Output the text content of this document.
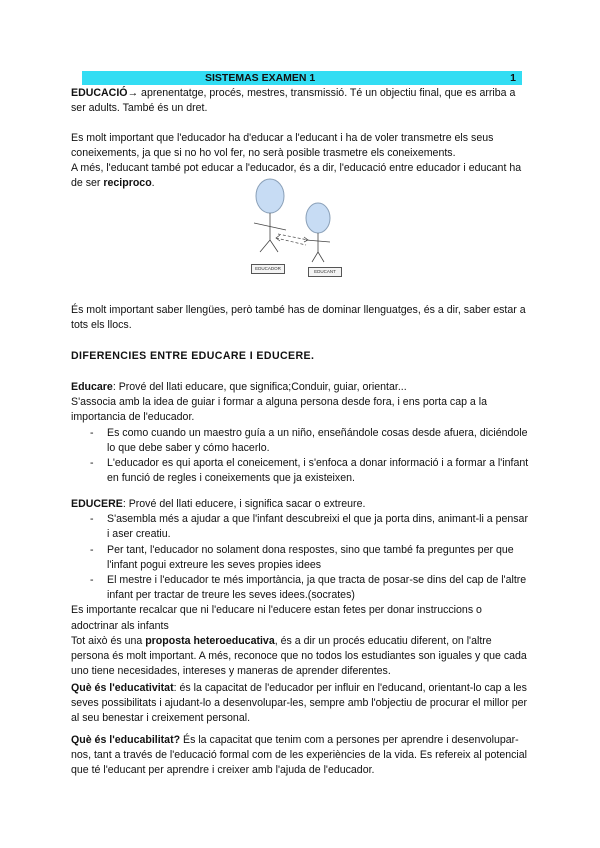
SISTEMAS EXAMEN 1	1

EDUCACIÓ→ aprenentatge, procés, mestres, transmissió. Té un objectiu final, que es arriba a ser adults. També és un dret.

Es molt important que l'educador ha d'educar a l'educant i ha de voler transmetre els seus coneixements, ja que si no ho vol fer, no serà posible trasmetre els coneixements.

A més, l'educant també pot educar a l'educador, és a dir, l'educació entre educador i educant ha de ser reciproco.

EDUCADOR
EDUCANT

És molt important saber llengües, però també has de dominar llenguatges, és a dir, saber estar a tots els llocs.

DIFERENCIES ENTRE EDUCARE I EDUCERE.

Educare: Prové del llati educare, que significa;Conduir, guiar, orientar...

S'associa amb la idea de guiar i formar a alguna persona desde fora, i ens porta cap a la importancia de l'educador.

- Es como cuando un maestro guía a un niño, enseñándole cosas desde afuera, diciéndole lo que debe saber y cómo hacerlo.
- L'educador es qui aporta el coneicement, i s'enfoca a donar informació i a formar a l'infant en funció de regles i coneixements que ja existeixen.

EDUCERE: Prové del llati educere, i significa sacar o extreure.

- S'asembla més a ajudar a que l'infant descubreixi el que ja porta dins, animant-li a pensar i aser creatiu.
- Per tant, l'educador no solament dona respostes, sino que també fa preguntes per que l'infant pogui extreure les seves propies idees
- El mestre i l'educador te més importància, ja que tracta de posar-se dins del cap de l'altre infant per tractar de treure les seves idees.(socrates)

Es importante recalcar que ni l'educare ni l'educere estan fetes per donar instruccions o adoctrinar als infants

Tot això és una proposta heteroeducativa, és a dir un procés educatiu diferent, on l'altre persona és molt important. A més, reconoce que no todos los estudiantes son iguales y que cada uno tiene necesidades, intereses y maneras de aprender diferentes.

Què és l'educativitat: és la capacitat de l'educador per influir en l'educand, orientant-lo cap a les seves possibilitats i ajudant-lo a desenvolupar-les, sempre amb l'objectiu de procurar el millor per al seu benestar i creixement personal.

Què és l'educabilitat? És la capacitat que tenim com a persones per aprendre i desenvolupar-nos, tant a través de l'educació formal com de les experiències de la vida. Es refereix al potencial que té l'educant per aprendre i creixer amb l'ajuda de l'educador.
